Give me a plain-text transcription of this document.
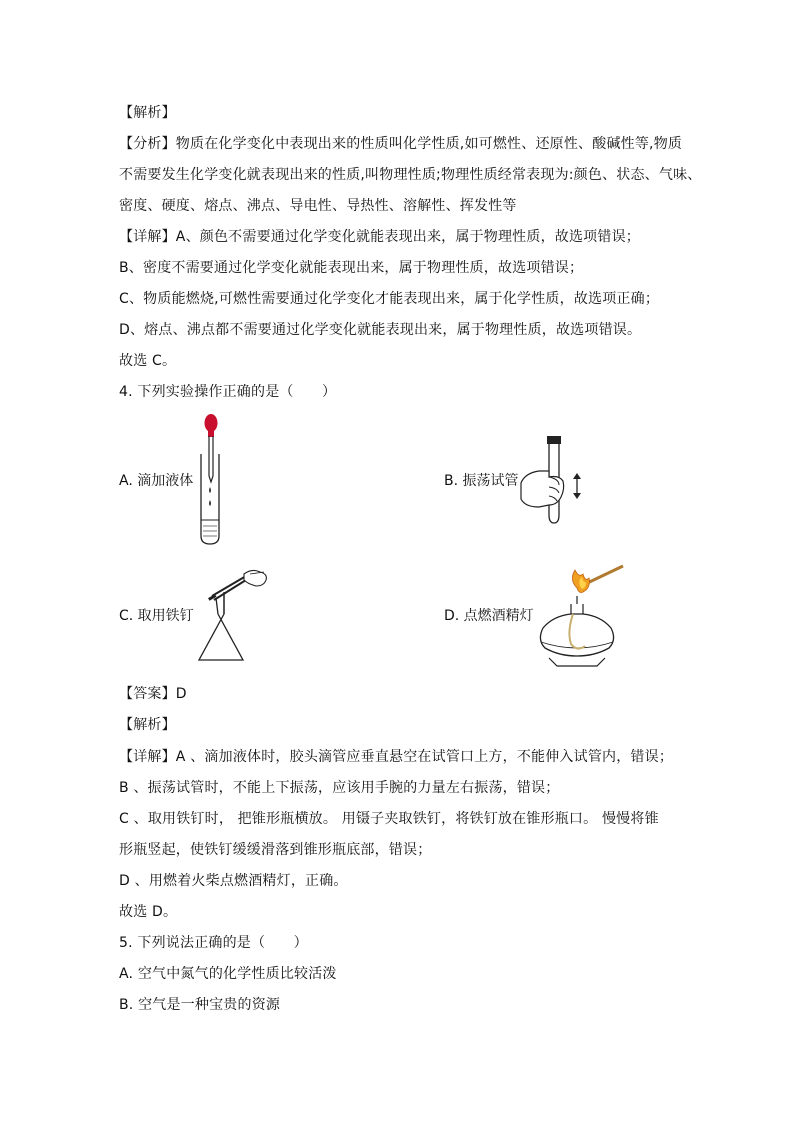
【解析】
【分析】物质在化学变化中表现出来的性质叫化学性质,如可燃性、还原性、酸碱性等,物质
不需要发生化学变化就表现出来的性质,叫物理性质;物理性质经常表现为:颜色、状态、气味、
密度、硬度、熔点、沸点、导电性、导热性、溶解性、挥发性等
【详解】A、颜色不需要通过化学变化就能表现出来，属于物理性质，故选项错误；
B、密度不需要通过化学变化就能表现出来，属于物理性质，故选项错误；
C、物质能燃烧,可燃性需要通过化学变化才能表现出来，属于化学性质，故选项正确；
D、熔点、沸点都不需要通过化学变化就能表现出来，属于物理性质，故选项错误。
故选 C。
4. 下列实验操作正确的是（　　）
A. 滴加液体	B. 振荡试管
C. 取用铁钉	D. 点燃酒精灯
【答案】D
【解析】
【详解】A 、滴加液体时，胶头滴管应垂直悬空在试管口上方，不能伸入试管内，错误；
B 、振荡试管时，不能上下振荡，应该用手腕的力量左右振荡，错误；
C 、取用铁钉时， 把锥形瓶横放。 用镊子夹取铁钉，将铁钉放在锥形瓶口。 慢慢将锥
形瓶竖起，使铁钉缓缓滑落到锥形瓶底部，错误；
D 、用燃着火柴点燃酒精灯，正确。
故选 D。
5. 下列说法正确的是（　　）
A. 空气中氮气的化学性质比较活泼
B. 空气是一种宝贵的资源
